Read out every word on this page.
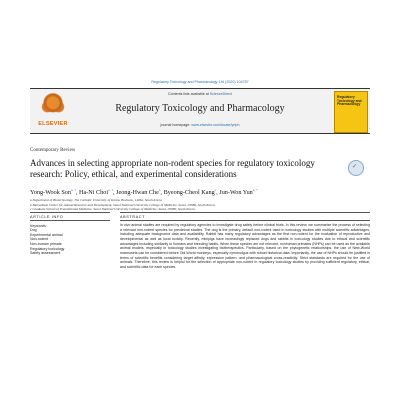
Regulatory Toxicology and Pharmacology 116 (2020) 104757
ELSEVIER
Contents lists available at ScienceDirect
Regulatory Toxicology and Pharmacology
journal homepage: www.elsevier.com/locate/yrtph
Regulatory Toxicology and Pharmacology
Contemporary Review
Advances in selecting appropriate non-rodent species for regulatory toxicology research: Policy, ethical, and experimental considerations
✓
Yong-Wook Son$^{a, 1}$, Ha-Ni Choi$^{a, 1}$, Jeong-Hwan Che$^b$, Byeong-Cheol Kang$^c$, Jun-Won Yun$^{a, *}$
a Department of Biotechnology, The Catholic University of Korea, Bucheon, 14662, South Korea
b Biomedical Center for Animal Resource and Development, Seoul National University College of Medicine, Seoul, 03080, South Korea
c Graduate School of Translational Medicine, Seoul National University College of Medicine, Seoul, 03080, South Korea
ARTICLE INFO
Keywords:
Dog
Experimental animal
Non-rodent
Non-human primate
Regulatory toxicology
Safety assessment
ABSTRACT
In vivo animal studies are required by regulatory agencies to investigate drug safety before clinical trials. In this review, we summarize the process of selecting a relevant non-rodent species for preclinical studies. The dog is the primary, default non-rodent used in toxicology studies with multiple scientific advantages, including adequate background data and availability. Rabbit has many regulatory advantages as the first non-rodent for the evaluation of reproductive and developmental as well as local toxicity. Recently, minipigs have increasingly replaced dogs and rabbits in toxicology studies due to ethical and scientific advantages including similarity to humans and breeding habits. When these species are not relevant, nonhuman primates (NHPs) can be used as the available animal models, especially in toxicology studies investigating biotherapeutics. Particularly, based on the phylogenetic relationships, the use of New-World marmosets can be considered before Old-World monkeys, especially cynomolgus with robust historical data. Importantly, the use of NHPs should be justified in terms of scientific benefits considering target affinity, expression pattern, and pharmacological cross-reactivity. Strict standards are required for the use of animals. Therefore, this review is helpful for the selection of appropriate non-rodent in regulatory toxicology studies by providing sufficient regulatory, ethical, and scientific data for each species.
